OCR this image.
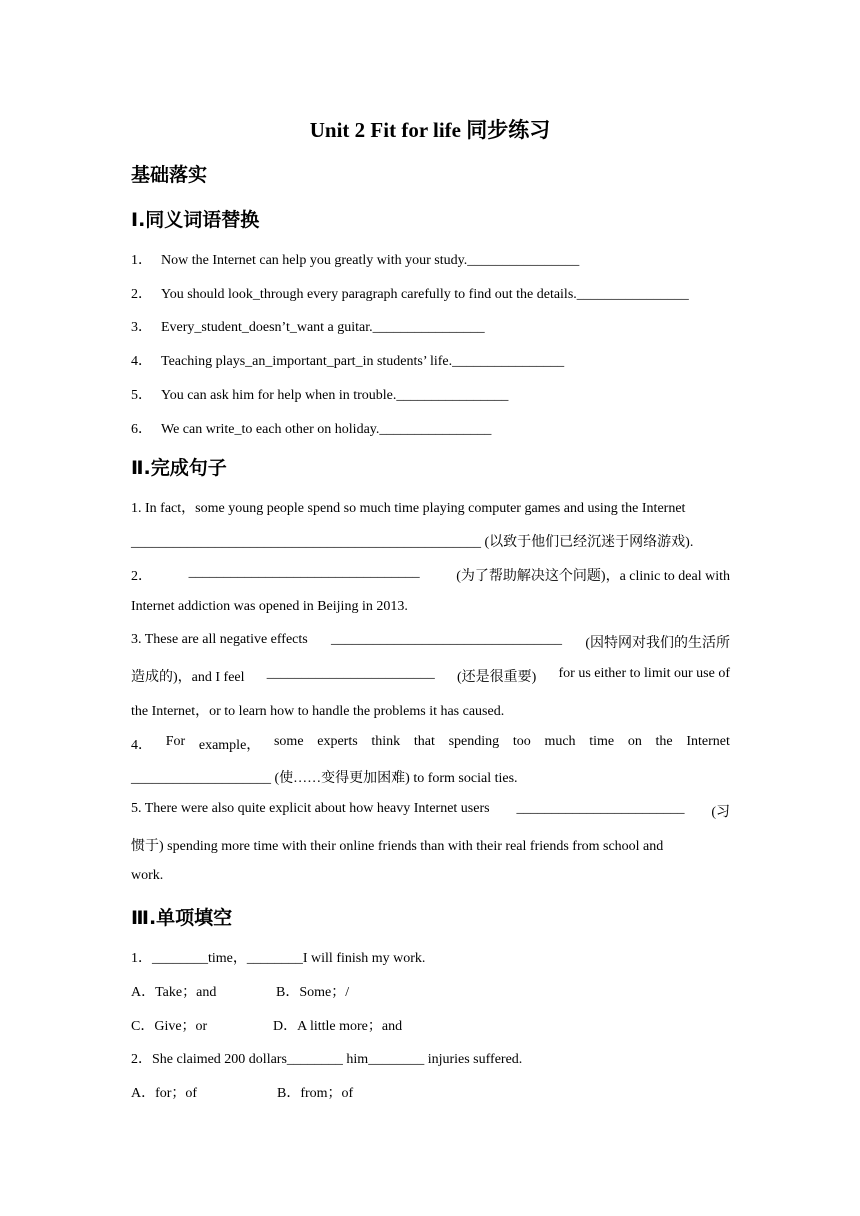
Unit 2 Fit for life 同步练习
基础落实
Ⅰ.同义词语替换
1． Now the Internet can help you greatly with your study.________________
2． You should look_through every paragraph carefully to find out the details.________________
3． Every_student_doesn’t_want a guitar.________________
4． Teaching plays_an_important_part_in students’ life.________________
5． You can ask him for help when in trouble.________________
6． We can write_to each other on holiday.________________
Ⅱ.完成句子
1. In fact，some young people spend so much time playing computer games and using the Internet
__________________________________________________ (以致于他们已经沉迷于网络游戏).
2．	_________________________________	(为了帮助解决这个问题)，a clinic to deal with
Internet addiction was opened in Beijing in 2013.
3. These are all negative effects _________________________________ (因特网对我们的生活所
造成的)，and I feel ________________________ (还是很重要) for us either to limit our use of
the Internet，or to learn how to handle the problems it has caused.
4． For example， some experts think that spending too much time on the Internet
____________________ (使……变得更加困难) to form social ties.
5. There were also quite explicit about how heavy Internet users ________________________ (习
惯于) spending more time with their online friends than with their real friends from school and
work.
Ⅲ.单项填空
1．________time，________I will finish my work.
A．Take；and	B．Some；/
C．Give；or	D．A little more；and
2．She claimed 200 dollars________ him________ injuries suffered.
A．for；of	B．from；of
